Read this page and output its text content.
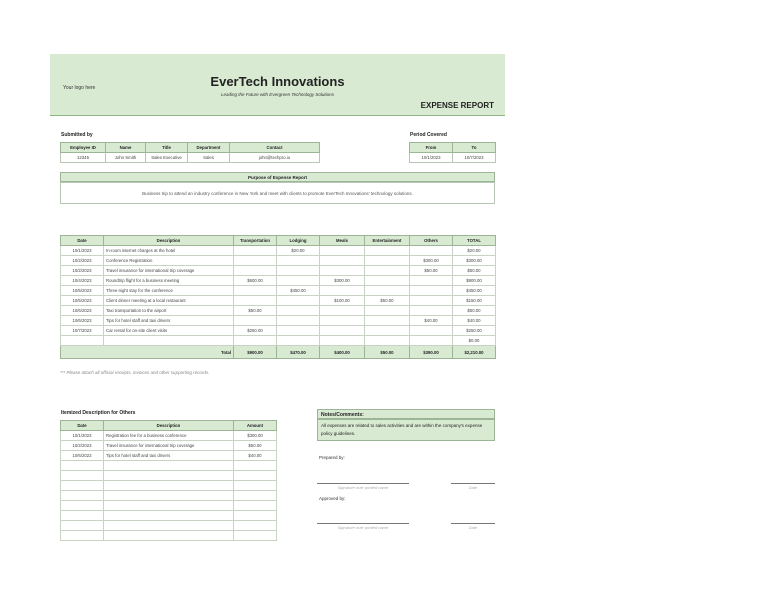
Your logo here	EverTech Innovations
Leading the Future with Evergreen Technology Solutions
EXPENSE REPORT
Submitted by
Employee ID	Name	Title	Department	Contact
12345	John Smith	Sales Executive	Sales	john@techpro.io
Period Covered
From	To
10/1/2023	10/7/2023
Purpose of Expense Report
Business trip to attend an industry conference in New York and meet with clients to promote EverTech Innovations' technology solutions.
Date	Description	Transportation	Lodging	Meals	Entertainment	Others	TOTAL
10/1/2023	In-room internet charges at the hotel		$20.00				$20.00
10/2/2023	Conference Registration					$300.00	$300.00
10/2/2023	Travel insurance for international trip coverage					$50.00	$50.00
10/4/2023	Roundtrip flight for a business meeting	$600.00		$300.00			$900.00
10/5/2023	Three-night stay for the conference		$450.00				$450.00
10/5/2023	Client dinner meeting at a local restaurant			$100.00	$50.00		$150.00
10/6/2023	Taxi transportation to the airport	$50.00					$50.00
10/6/2023	Tips for hotel staff and taxi drivers					$40.00	$40.00
10/7/2023	Car rental for on-site client visits	$250.00					$250.00
							$0.00
Total		$900.00	$470.00	$400.00	$50.00	$390.00	$2,210.00
*** Please attach all official receipts, invoices and other supporting records.
Itemized Description for Others
Date	Description	Amount
10/1/2023	Registration fee for a business conference	$300.00
10/2/2023	Travel insurance for international trip coverage	$50.00
10/6/2023	Tips for hotel staff and taxi drivers	$40.00

Notes/Comments:
All expenses are related to sales activities and are within the company's expense policy guidelines.
Prepared by:
Signature over printed name	Date
Approved by:
Signature over printed name	Date
